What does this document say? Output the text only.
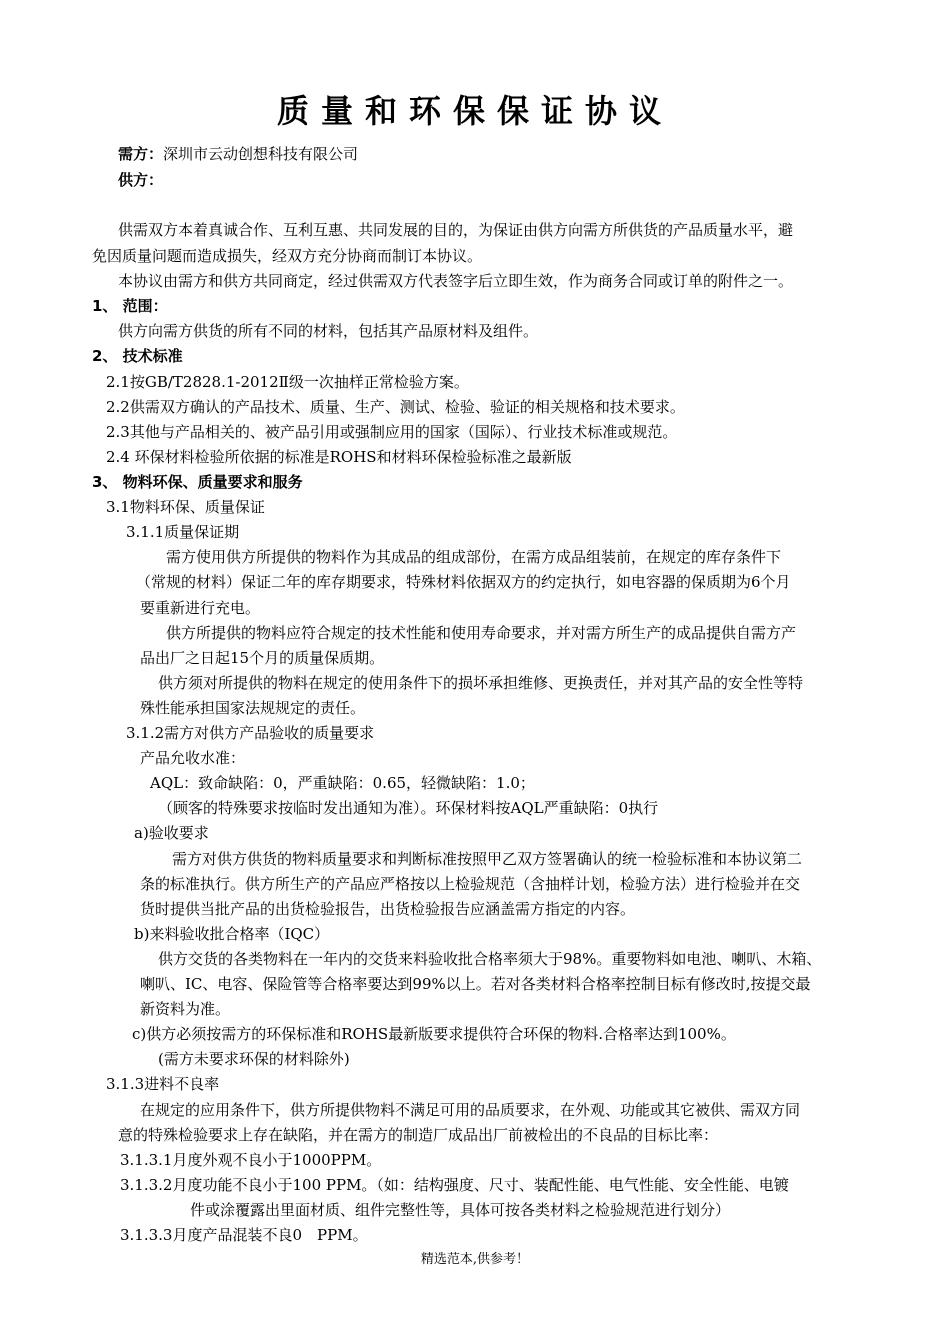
质量和环保保证协议
需方：深圳市云动创想科技有限公司
供方：
供需双方本着真诚合作、互利互惠、共同发展的目的，为保证由供方向需方所供货的产品质量水平，避
免因质量问题而造成损失，经双方充分协商而制订本协议。
本协议由需方和供方共同商定，经过供需双方代表签字后立即生效，作为商务合同或订单的附件之一。
1、 范围：
供方向需方供货的所有不同的材料，包括其产品原材料及组件。
2、 技术标准
2.1按GB/T2828.1-2012Ⅱ级一次抽样正常检验方案。
2.2供需双方确认的产品技术、质量、生产、测试、检验、验证的相关规格和技术要求。
2.3其他与产品相关的、被产品引用或强制应用的国家（国际）、行业技术标准或规范。
2.4 环保材料检验所依据的标准是ROHS和材料环保检验标准之最新版
3、 物料环保、质量要求和服务
3.1物料环保、质量保证
3.1.1质量保证期
需方使用供方所提供的物料作为其成品的组成部份，在需方成品组装前，在规定的库存条件下
（常规的材料）保证二年的库存期要求，特殊材料依据双方的约定执行，如电容器的保质期为6个月
要重新进行充电。
供方所提供的物料应符合规定的技术性能和使用寿命要求，并对需方所生产的成品提供自需方产
品出厂之日起15个月的质量保质期。
供方须对所提供的物料在规定的使用条件下的损坏承担维修、更换责任，并对其产品的安全性等特
殊性能承担国家法规规定的责任。
3.1.2需方对供方产品验收的质量要求
产品允收水准：
AQL：致命缺陷：0，严重缺陷：0.65，轻微缺陷：1.0；
（顾客的特殊要求按临时发出通知为准）。环保材料按AQL严重缺陷：0执行
a)验收要求
需方对供方供货的物料质量要求和判断标准按照甲乙双方签署确认的统一检验标准和本协议第二
条的标准执行。供方所生产的产品应严格按以上检验规范（含抽样计划，检验方法）进行检验并在交
货时提供当批产品的出货检验报告，出货检验报告应涵盖需方指定的内容。
b)来料验收批合格率（IQC）
供方交货的各类物料在一年内的交货来料验收批合格率须大于98%。重要物料如电池、喇叭、木箱、
喇叭、IC、电容、保险管等合格率要达到99%以上。若对各类材料合格率控制目标有修改时,按提交最
新资料为准。
c)供方必须按需方的环保标准和ROHS最新版要求提供符合环保的物料.合格率达到100%。
(需方未要求环保的材料除外)
3.1.3进料不良率
在规定的应用条件下，供方所提供物料不满足可用的品质要求，在外观、功能或其它被供、需双方同
意的特殊检验要求上存在缺陷，并在需方的制造厂成品出厂前被检出的不良品的目标比率：
3.1.3.1月度外观不良小于1000PPM。
3.1.3.2月度功能不良小于100 PPM。（如：结构强度、尺寸、装配性能、电气性能、安全性能、电镀
件或涂覆露出里面材质、组件完整性等，具体可按各类材料之检验规范进行划分）
3.1.3.3月度产品混装不良0　PPM。
精选范本,供参考！
